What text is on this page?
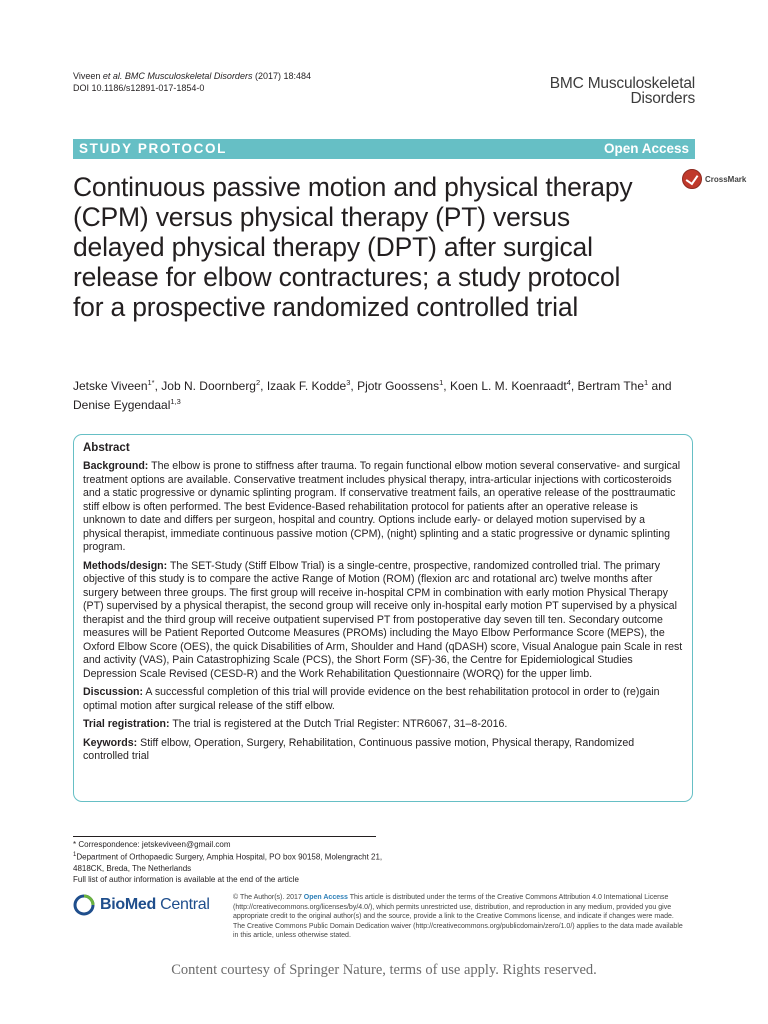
Viveen et al. BMC Musculoskeletal Disorders (2017) 18:484
DOI 10.1186/s12891-017-1854-0	BMC Musculoskeletal
Disorders
STUDY PROTOCOL	Open Access
Continuous passive motion and physical therapy (CPM) versus physical therapy (PT) versus delayed physical therapy (DPT) after surgical release for elbow contractures; a study protocol for a prospective randomized controlled trial
CrossMark
Jetske Viveen$^{1*}$, Job N. Doornberg$^2$, Izaak F. Kodde$^3$, Pjotr Goossens$^1$, Koen L. M. Koenraadt$^4$, Bertram The$^1$ and Denise Eygendaal$^{1,3}$
Abstract

Background: The elbow is prone to stiffness after trauma. To regain functional elbow motion several conservative- and surgical treatment options are available. Conservative treatment includes physical therapy, intra-articular injections with corticosteroids and a static progressive or dynamic splinting program. If conservative treatment fails, an operative release of the posttraumatic stiff elbow is often performed. The best Evidence-Based rehabilitation protocol for patients after an operative release is unknown to date and differs per surgeon, hospital and country. Options include early- or delayed motion supervised by a physical therapist, immediate continuous passive motion (CPM), (night) splinting and a static progressive or dynamic splinting program.

Methods/design: The SET-Study (Stiff Elbow Trial) is a single-centre, prospective, randomized controlled trial. The primary objective of this study is to compare the active Range of Motion (ROM) (flexion arc and rotational arc) twelve months after surgery between three groups. The first group will receive in-hospital CPM in combination with early motion Physical Therapy (PT) supervised by a physical therapist, the second group will receive only in-hospital early motion PT supervised by a physical therapist and the third group will receive outpatient supervised PT from postoperative day seven till ten. Secondary outcome measures will be Patient Reported Outcome Measures (PROMs) including the Mayo Elbow Performance Score (MEPS), the Oxford Elbow Score (OES), the quick Disabilities of Arm, Shoulder and Hand (qDASH) score, Visual Analogue pain Scale in rest and activity (VAS), Pain Catastrophizing Scale (PCS), the Short Form (SF)-36, the Centre for Epidemiological Studies Depression Scale Revised (CESD-R) and the Work Rehabilitation Questionnaire (WORQ) for the upper limb.

Discussion: A successful completion of this trial will provide evidence on the best rehabilitation protocol in order to (re)gain optimal motion after surgical release of the stiff elbow.

Trial registration: The trial is registered at the Dutch Trial Register: NTR6067, 31–8-2016.

Keywords: Stiff elbow, Operation, Surgery, Rehabilitation, Continuous passive motion, Physical therapy, Randomized controlled trial

* Correspondence: jetskeviveen@gmail.com
$^1$Department of Orthopaedic Surgery, Amphia Hospital, PO box 90158, Molengracht 21, 4818CK, Breda, The Netherlands
Full list of author information is available at the end of the article
BioMed Central	© The Author(s). 2017 Open Access This article is distributed under the terms of the Creative Commons Attribution 4.0 International License (http://creativecommons.org/licenses/by/4.0/), which permits unrestricted use, distribution, and reproduction in any medium, provided you give appropriate credit to the original author(s) and the source, provide a link to the Creative Commons license, and indicate if changes were made. The Creative Commons Public Domain Dedication waiver (http://creativecommons.org/publicdomain/zero/1.0/) applies to the data made available in this article, unless otherwise stated.
Content courtesy of Springer Nature, terms of use apply. Rights reserved.
